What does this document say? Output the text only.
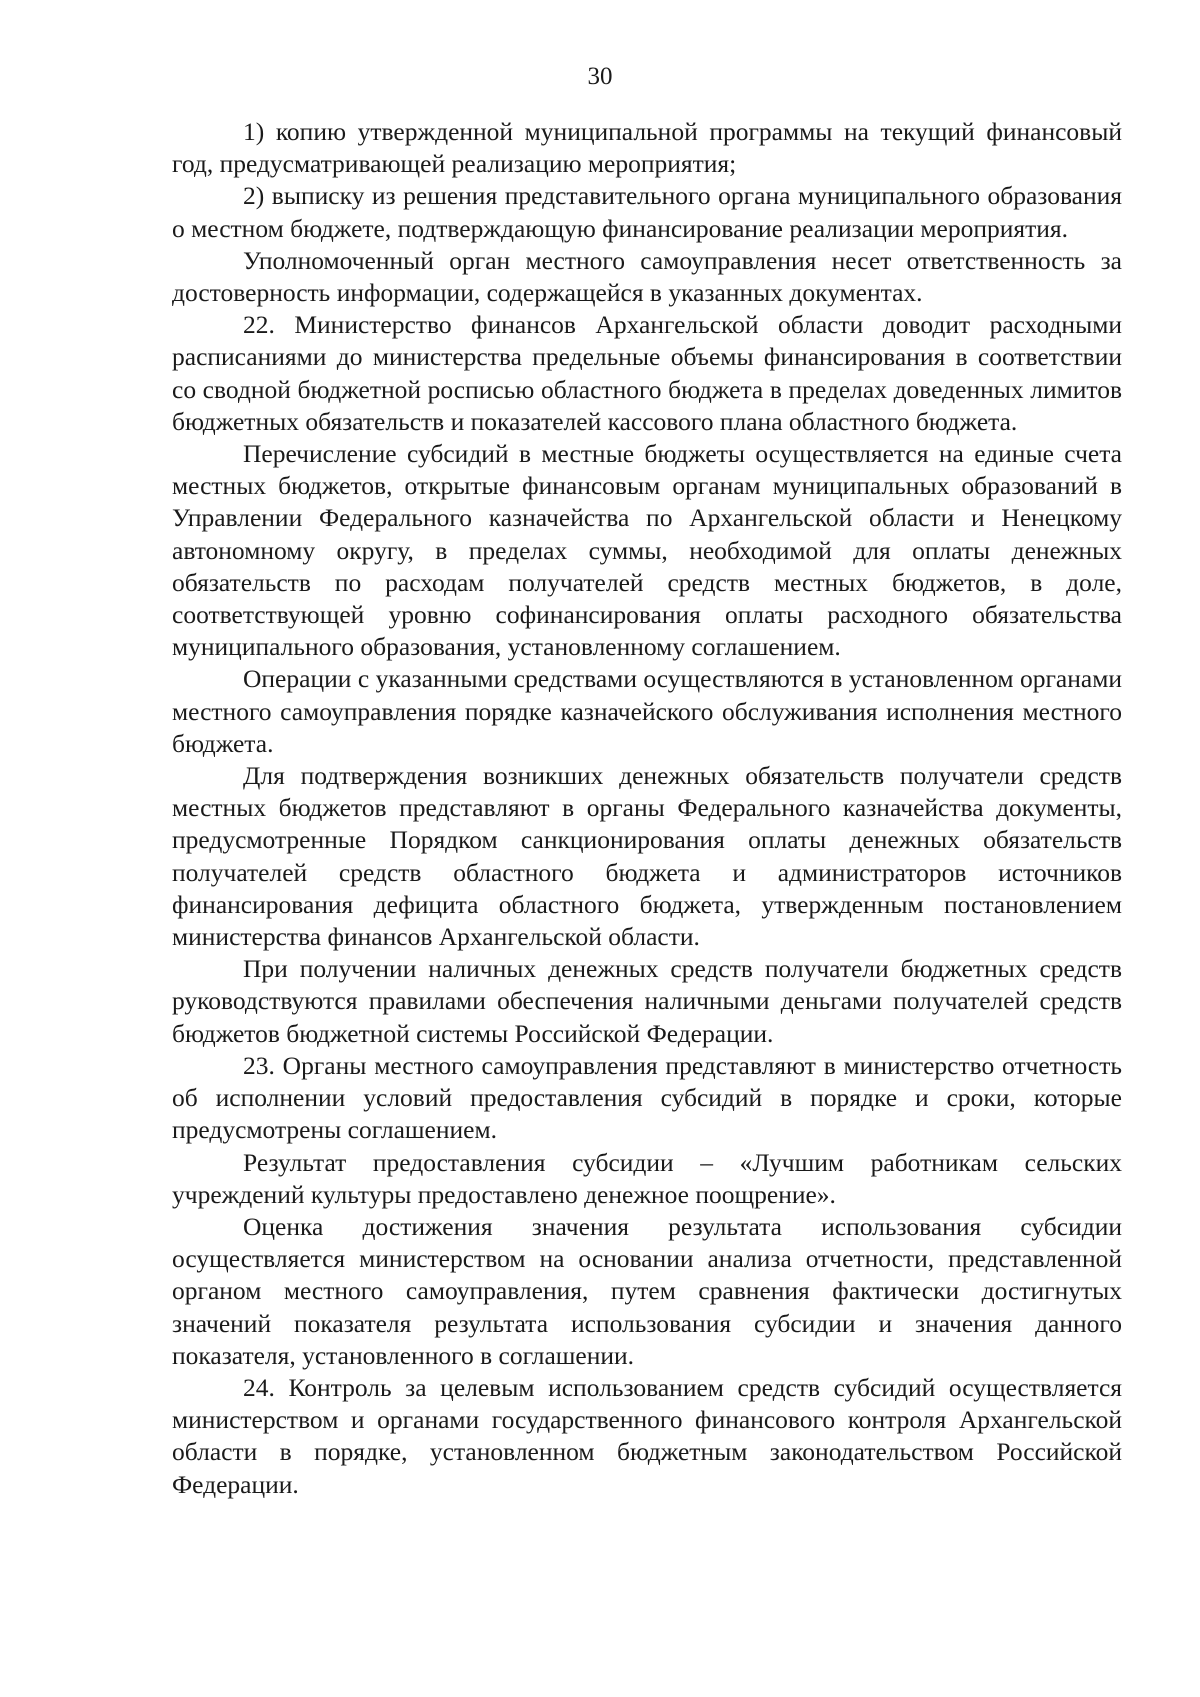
30

1) копию утвержденной муниципальной программы на текущий финансовый год, предусматривающей реализацию мероприятия;

2) выписку из решения представительного органа муниципального образования о местном бюджете, подтверждающую финансирование реализации мероприятия.

Уполномоченный орган местного самоуправления несет ответственность за достоверность информации, содержащейся в указанных документах.

22. Министерство финансов Архангельской области доводит расходными расписаниями до министерства предельные объемы финансирования в соответствии со сводной бюджетной росписью областного бюджета в пределах доведенных лимитов бюджетных обязательств и показателей кассового плана областного бюджета.

Перечисление субсидий в местные бюджеты осуществляется на единые счета местных бюджетов, открытые финансовым органам муниципальных образований в Управлении Федерального казначейства по Архангельской области и Ненецкому автономному округу, в пределах суммы, необходимой для оплаты денежных обязательств по расходам получателей средств местных бюджетов, в доле, соответствующей уровню софинансирования оплаты расходного обязательства муниципального образования, установленному соглашением.

Операции с указанными средствами осуществляются в установленном органами местного самоуправления порядке казначейского обслуживания исполнения местного бюджета.

Для подтверждения возникших денежных обязательств получатели средств местных бюджетов представляют в органы Федерального казначейства документы, предусмотренные Порядком санкционирования оплаты денежных обязательств получателей средств областного бюджета и администраторов источников финансирования дефицита областного бюджета, утвержденным постановлением министерства финансов Архангельской области.

При получении наличных денежных средств получатели бюджетных средств руководствуются правилами обеспечения наличными деньгами получателей средств бюджетов бюджетной системы Российской Федерации.

23. Органы местного самоуправления представляют в министерство отчетность об исполнении условий предоставления субсидий в порядке и сроки, которые предусмотрены соглашением.

Результат предоставления субсидии – «Лучшим работникам сельских учреждений культуры предоставлено денежное поощрение».

Оценка достижения значения результата использования субсидии осуществляется министерством на основании анализа отчетности, представленной органом местного самоуправления, путем сравнения фактически достигнутых значений показателя результата использования субсидии и значения данного показателя, установленного в соглашении.

24. Контроль за целевым использованием средств субсидий осуществляется министерством и органами государственного финансового контроля Архангельской области в порядке, установленном бюджетным законодательством Российской Федерации.
